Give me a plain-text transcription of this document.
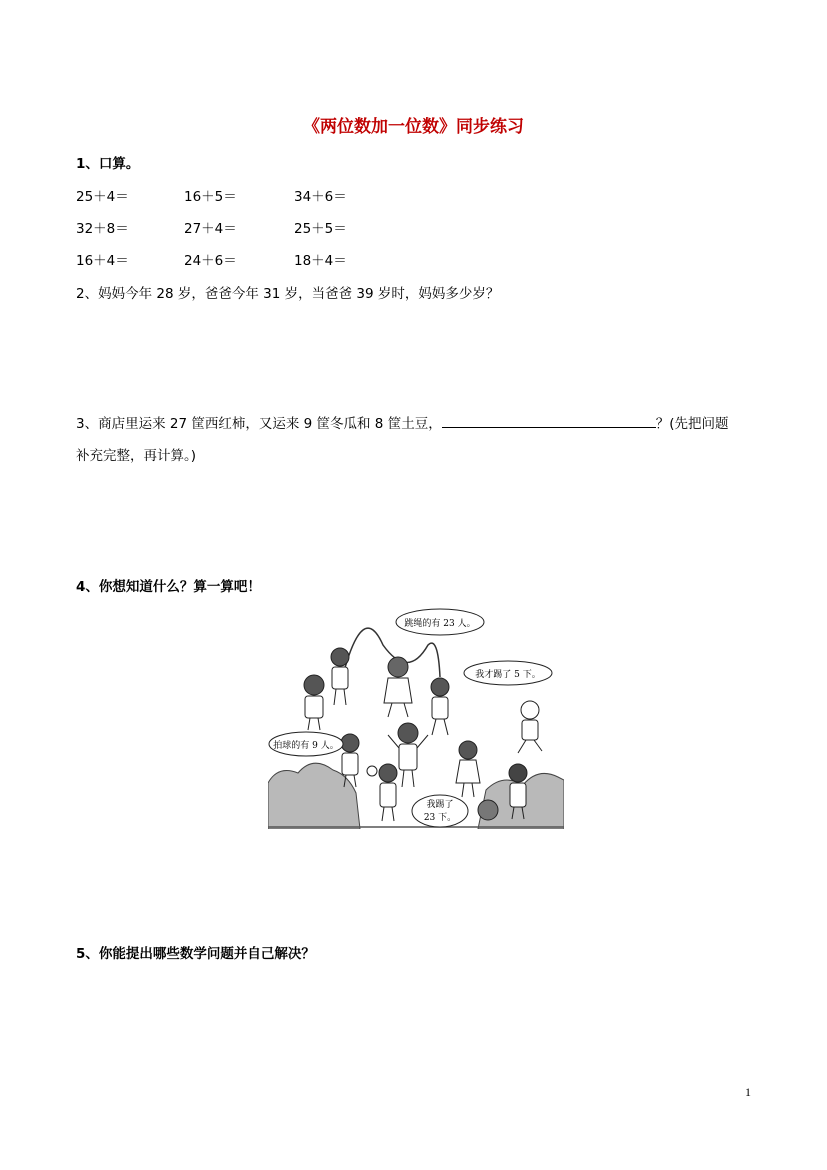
《两位数加一位数》同步练习
1、口算。
25＋4＝	16＋5＝	34＋6＝
32＋8＝	27＋4＝	25＋5＝
16＋4＝	24＋6＝	18＋4＝
2、妈妈今年 28 岁，爸爸今年 31 岁，当爸爸 39 岁时，妈妈多少岁？
3、商店里运来 27 筐西红柿，又运来 9 筐冬瓜和 8 筐土豆，	？(先把问题
补充完整，再计算。)
4、你想知道什么？算一算吧！
跳绳的有 23 人。
我才踢了 5 下。
拍球的有 9 人。
我踢了
23 下。
5、你能提出哪些数学问题并自己解决？
1
